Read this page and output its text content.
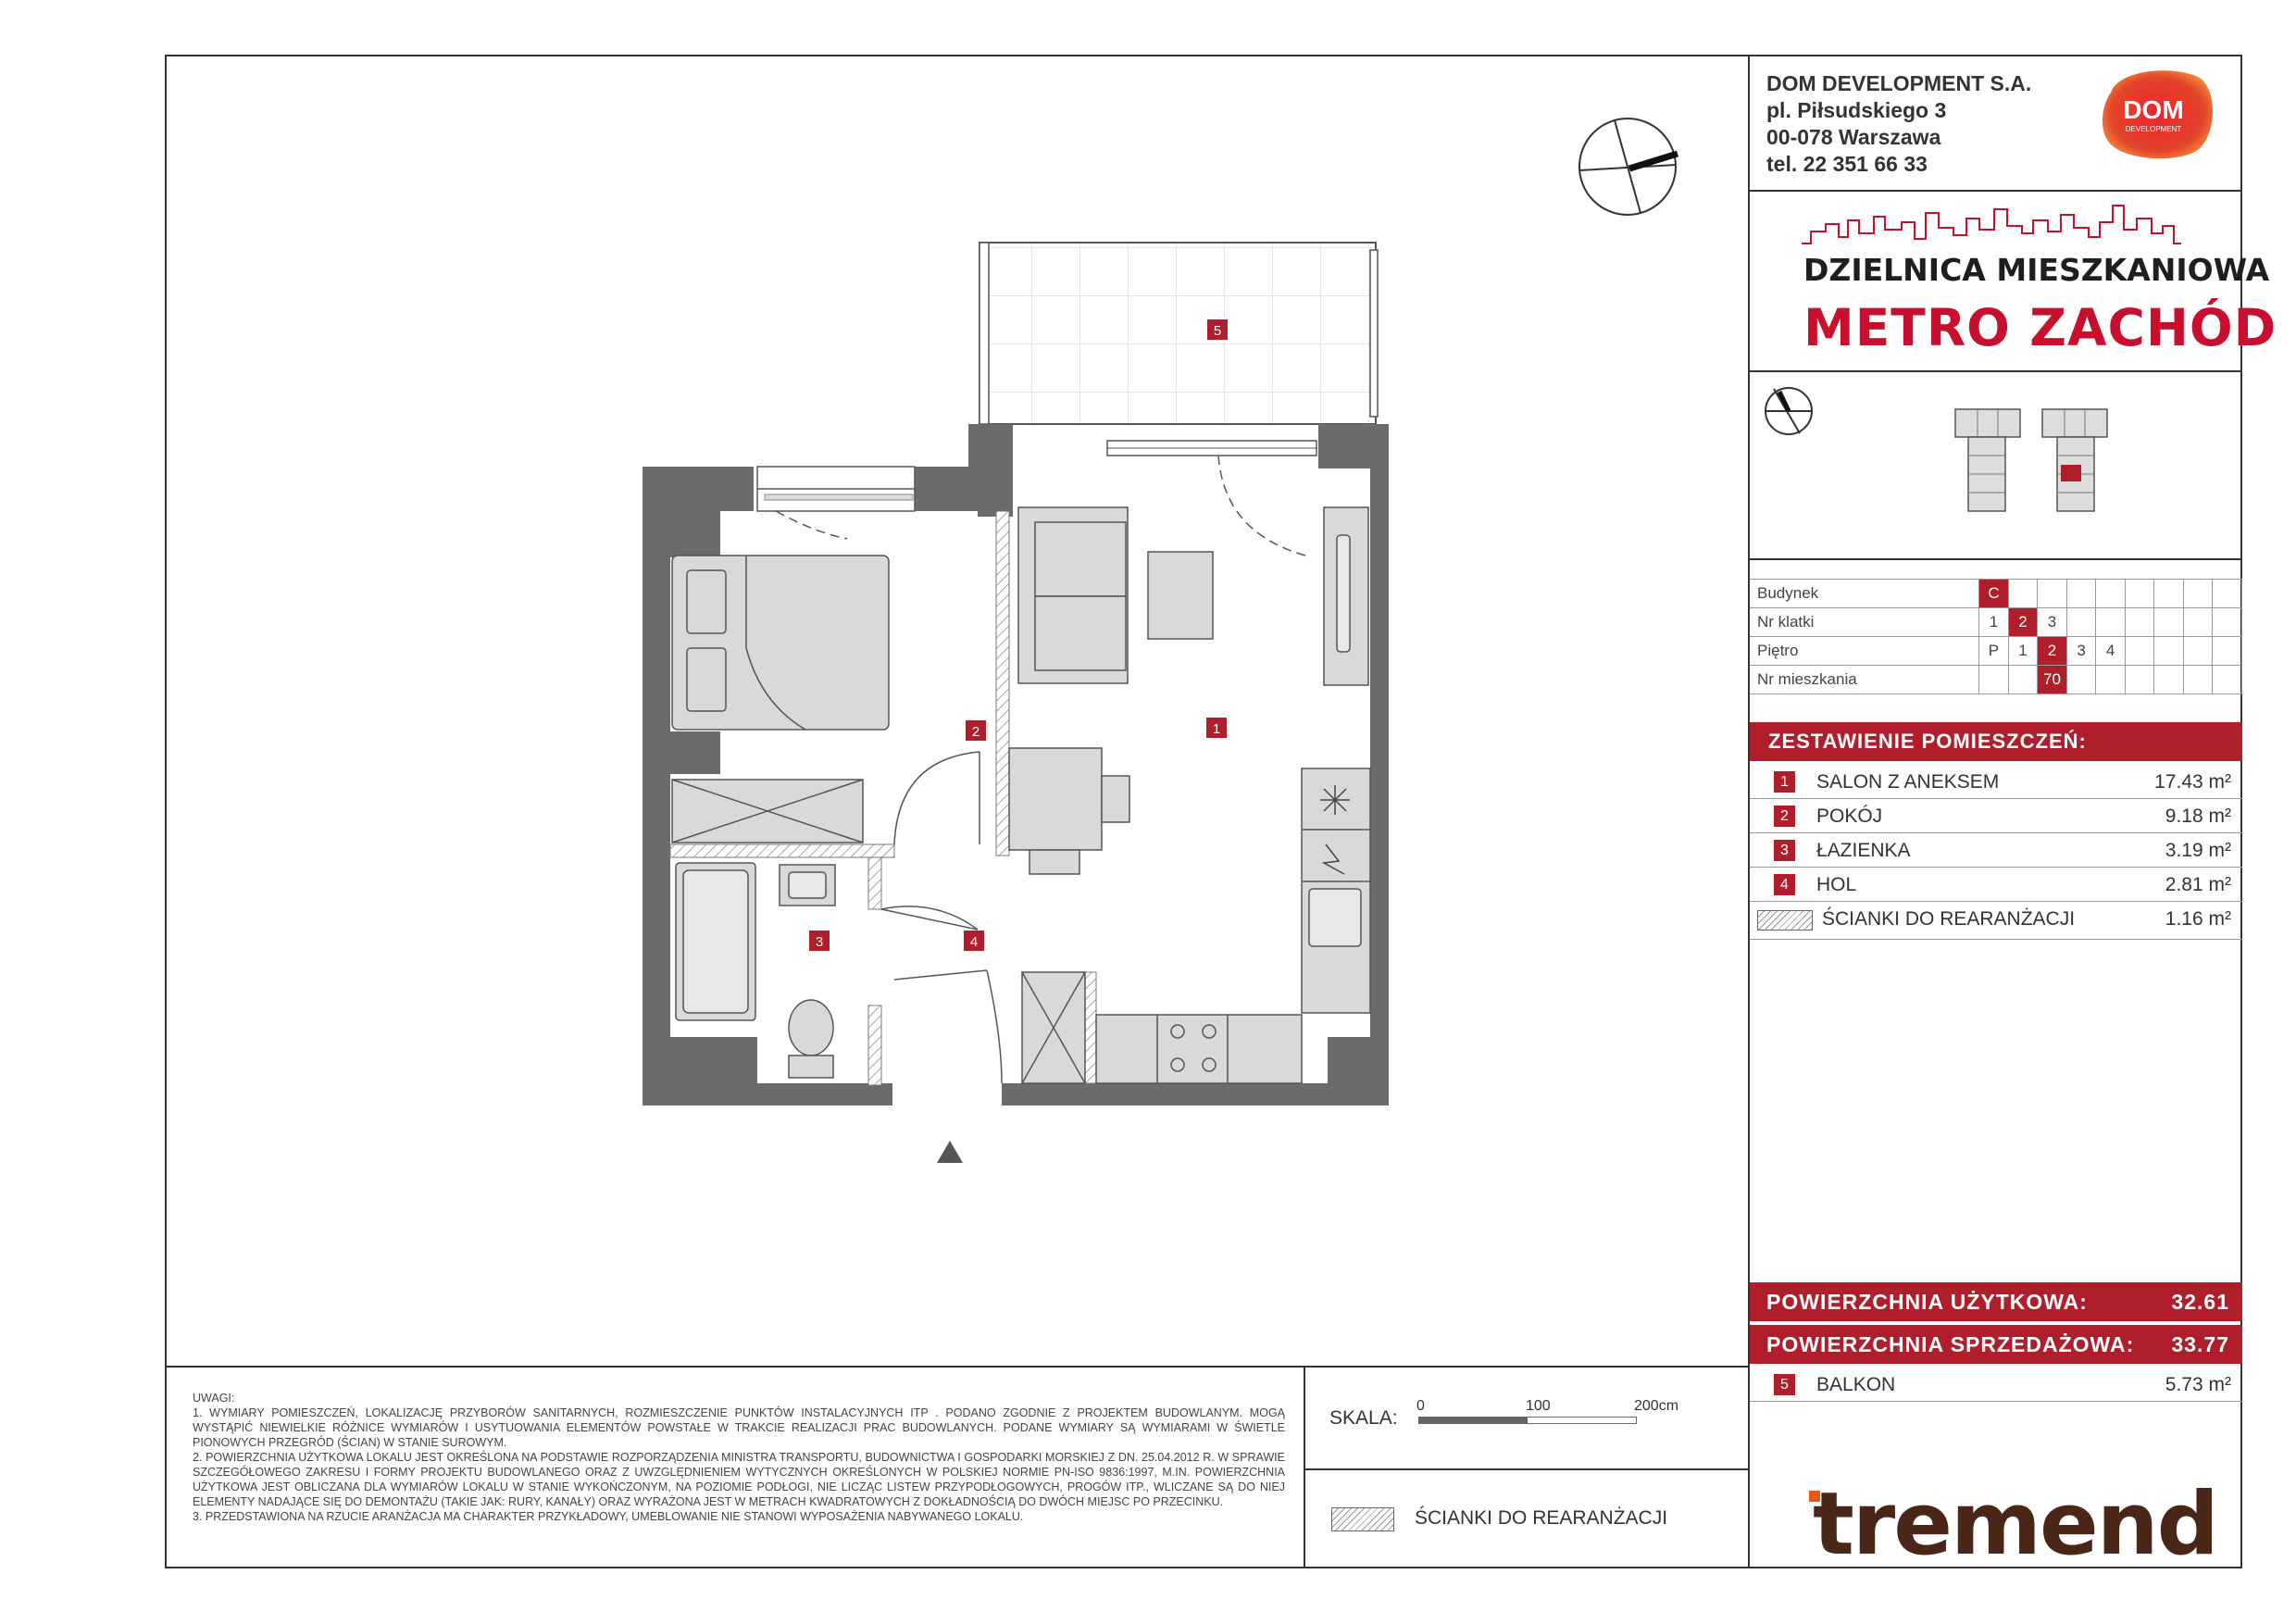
DOM DEVELOPMENT S.A.
pl. Piłsudskiego 3
00-078 Warszawa
tel. 22 351 66 33
DOM
DEVELOPMENT
DZIELNICA MIESZKANIOWA
METRO ZACHÓD
Budynek	C								
Nr klatki	1	2	3						
Piętro	P	1	2	3	4				
Nr mieszkania			70						
ZESTAWIENIE POMIESZCZEŃ:
1	SALON Z ANEKSEM	17.43 m²
2	POKÓJ	9.18 m²
3	ŁAZIENKA	3.19 m²
4	HOL	2.81 m²
ŚCIANKI DO REARANŻACJI	1.16 m²
POWIERZCHNIA UŻYTKOWA:	32.61
POWIERZCHNIA SPRZEDAŻOWA: 33.77
5	BALKON	5.73 m²

UWAGI:

1. WYMIARY POMIESZCZEŃ, LOKALIZACJĘ PRZYBORÓW SANITARNYCH, ROZMIESZCZENIE PUNKTÓW INSTALACYJNYCH ITP . PODANO ZGODNIE Z PROJEKTEM BUDOWLANYM. MOGĄ WYSTĄPIĆ NIEWIELKIE RÓŻNICE WYMIARÓW I USYTUOWANIA ELEMENTÓW POWSTAŁE W TRAKCIE REALIZACJI PRAC BUDOWLANYCH. PODANE WYMIARY SĄ WYMIARAMI W ŚWIETLE PIONOWYCH PRZEGRÓD (ŚCIAN) W STANIE SUROWYM.

2. POWIERZCHNIA UŻYTKOWA LOKALU JEST OKREŚLONA NA PODSTAWIE ROZPORZĄDZENIA MINISTRA TRANSPORTU, BUDOWNICTWA I GOSPODARKI MORSKIEJ Z DN. 25.04.2012 R. W SPRAWIE SZCZEGÓŁOWEGO ZAKRESU I FORMY PROJEKTU BUDOWLANEGO ORAZ Z UWZGLĘDNIENIEM WYTYCZNYCH OKREŚLONYCH W POLSKIEJ NORMIE PN-ISO 9836:1997, M.IN. POWIERZCHNIA UŻYTKOWA JEST OBLICZANA DLA WYMIARÓW LOKALU W STANIE WYKOŃCZONYM, NA POZIOMIE PODŁOGI, NIE LICZĄC LISTEW PRZYPODŁOGOWYCH, PROGÓW ITP., WLICZANE SĄ DO NIEJ ELEMENTY NADAJĄCE SIĘ DO DEMONTAŻU (TAKIE JAK: RURY, KANAŁY) ORAZ WYRAŻONA JEST W METRACH KWADRATOWYCH Z DOKŁADNOŚCIĄ DO DWÓCH MIEJSC PO PRZECINKU.

3. PRZEDSTAWIONA NA RZUCIE ARANŻACJA MA CHARAKTER PRZYKŁADOWY, UMEBLOWANIE NIE STANOWI WYPOSAŻENIA NABYWANEGO LOKALU.

SKALA:
0	100	200cm
ŚCIANKI DO REARANŻACJI tremend
1
2
3	4
5
